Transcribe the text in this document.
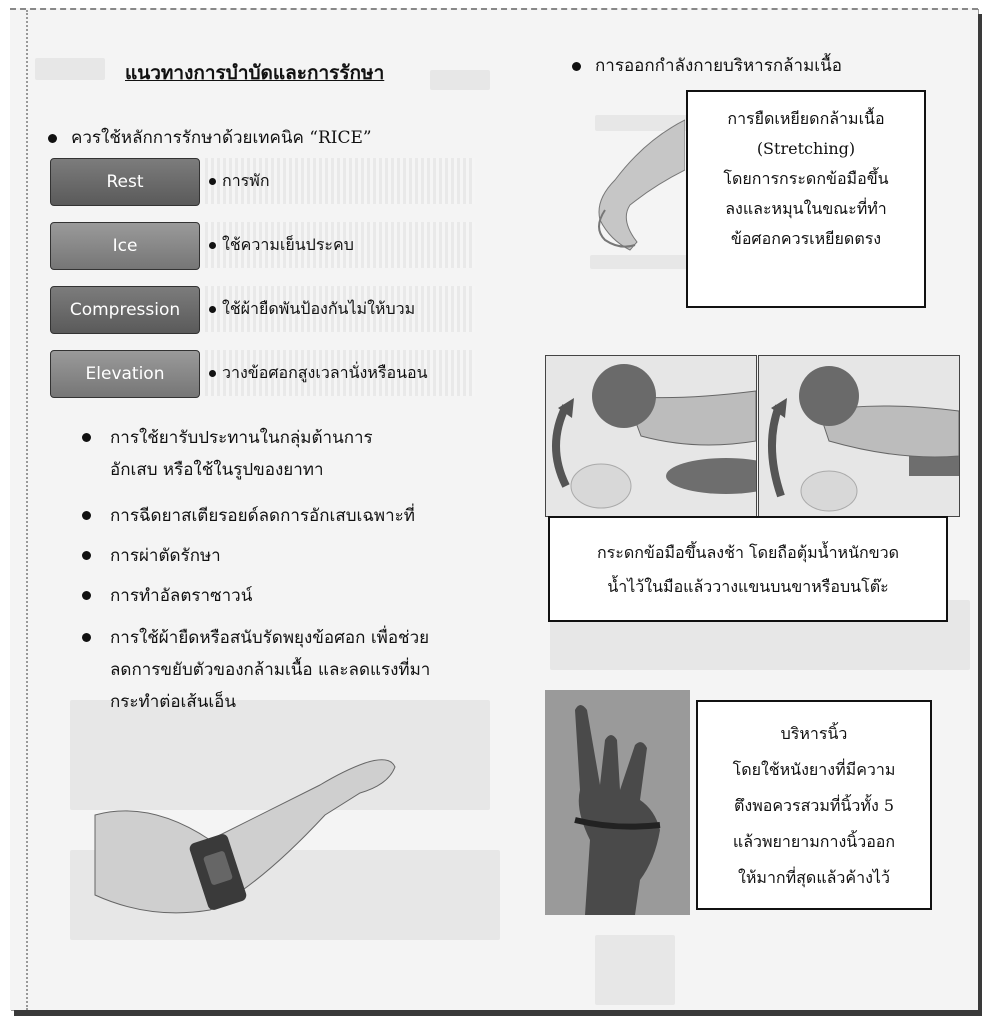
แนวทางการบำบัดและการรักษา
ควรใช้หลักการรักษาด้วยเทคนิค “RICE”
Rest	การพัก
Ice	ใช้ความเย็นประคบ
Compression	ใช้ผ้ายืดพันป้องกันไม่ให้บวม
Elevation	วางข้อศอกสูงเวลานั่งหรือนอน
การใช้ยารับประทานในกลุ่มต้านการ
อักเสบ หรือใช้ในรูปของยาทา
การฉีดยาสเตียรอยด์ลดการอักเสบเฉพาะที่
การผ่าตัดรักษา
การทำอัลตราซาวน์
การใช้ผ้ายืดหรือสนับรัดพยุงข้อศอก เพื่อช่วย
ลดการขยับตัวของกล้ามเนื้อ และลดแรงที่มา
กระทำต่อเส้นเอ็น
การออกกำลังกายบริหารกล้ามเนื้อ
การยืดเหยียดกล้ามเนื้อ
(Stretching)
โดยการกระดกข้อมือขึ้น
ลงและหมุนในขณะที่ทำ
ข้อศอกควรเหยียดตรง
กระดกข้อมือขึ้นลงช้า โดยถือตุ้มน้ำหนักขวด
น้ำไว้ในมือแล้ววางแขนบนขาหรือบนโต๊ะ
บริหารนิ้ว
โดยใช้หนังยางที่มีความ
ตึงพอควรสวมที่นิ้วทั้ง 5
แล้วพยายามกางนิ้วออก
ให้มากที่สุดแล้วค้างไว้
